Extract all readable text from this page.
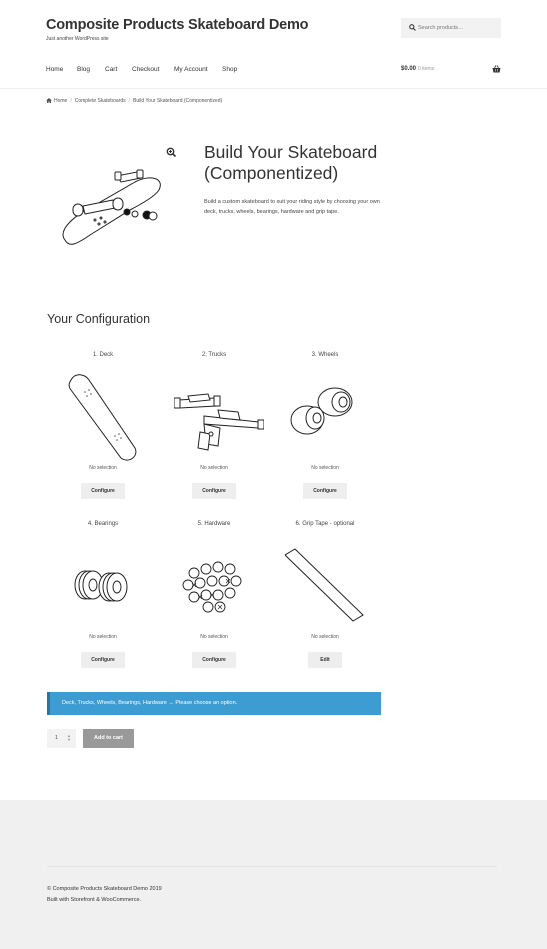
Composite Products Skateboard Demo
Just another WordPress site
Search products…
Home Blog Cart Checkout My Account Shop	$0.00 0 items
Home / Complete Skateboards / Build Your Skateboard (Componentized)
Build Your Skateboard (Componentized)
Build a custom skateboard to suit your riding style by choosing your own deck, trucks, wheels, bearings, hardware and grip tape.
Your Configuration
1. Deck
No selection
Configure
2. Trucks
No selection
Configure
3. Wheels
No selection
Configure
4. Bearings
No selection
Configure
5. Hardware
No selection
Configure
6. Grip Tape - optional
No selection
Edit
Deck, Trucks, Wheels, Bearings, Hardware → Please choose an option.
1 ▲
▼	Add to cart
© Composite Products Skateboard Demo 2019
Built with Storefront & WooCommerce.
